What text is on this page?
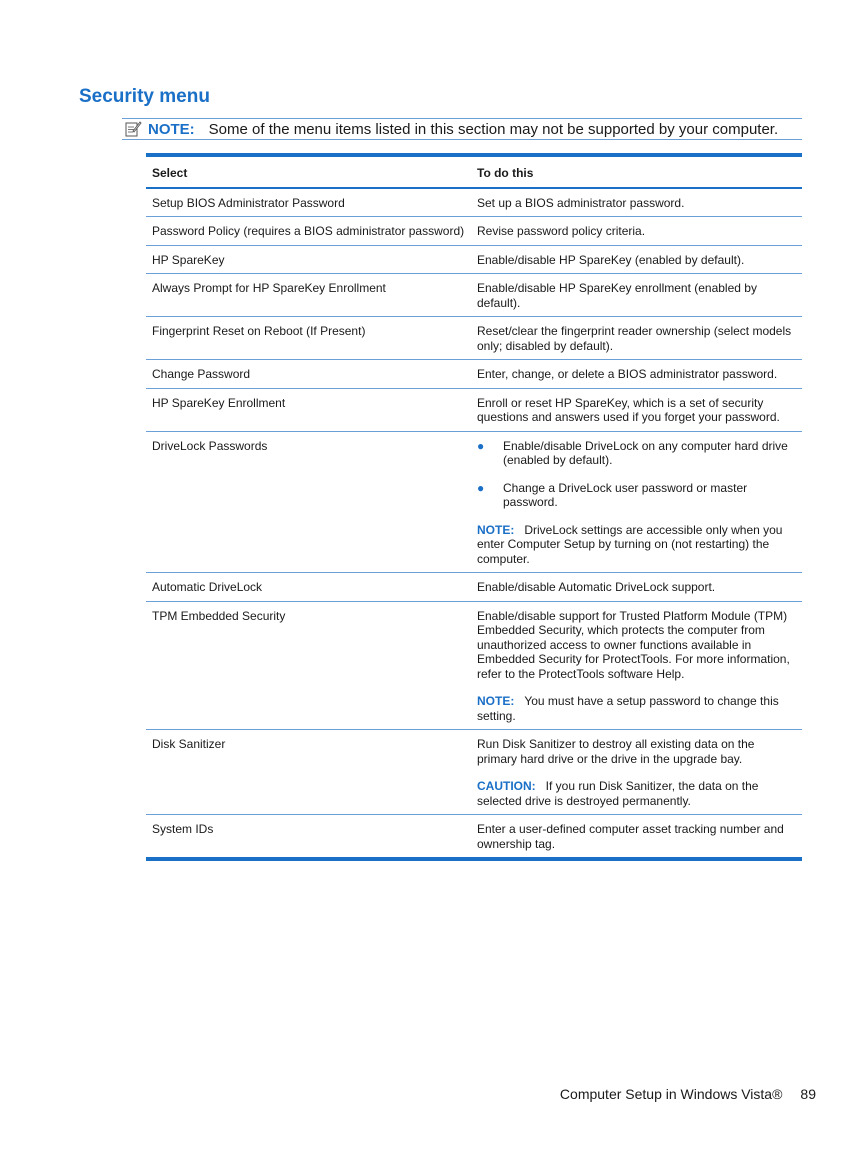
Security menu
NOTE: Some of the menu items listed in this section may not be supported by your computer.
Select	To do this
Setup BIOS Administrator Password	Set up a BIOS administrator password.

Password Policy (requires a BIOS administrator password)	Revise password policy criteria.

HP SpareKey	Enable/disable HP SpareKey (enabled by default).

Always Prompt for HP SpareKey Enrollment	Enable/disable HP SpareKey enrollment (enabled by default).

Fingerprint Reset on Reboot (If Present)	Reset/clear the fingerprint reader ownership (select models only; disabled by default).

Change Password	Enter, change, or delete a BIOS administrator password.

HP SpareKey Enrollment	Enroll or reset HP SpareKey, which is a set of security questions and answers used if you forget your password.

DriveLock Passwords	●	Enable/disable DriveLock on any computer hard drive (enabled by default).
●	Change a DriveLock user password or master password.

NOTE: DriveLock settings are accessible only when you enter Computer Setup by turning on (not restarting) the computer.

Automatic DriveLock	Enable/disable Automatic DriveLock support.

TPM Embedded Security	Enable/disable support for Trusted Platform Module (TPM) Embedded Security, which protects the computer from unauthorized access to owner functions available in Embedded Security for ProtectTools. For more information, refer to the ProtectTools software Help.

NOTE: You must have a setup password to change this setting.

Disk Sanitizer	Run Disk Sanitizer to destroy all existing data on the primary hard drive or the drive in the upgrade bay.

CAUTION: If you run Disk Sanitizer, the data on the selected drive is destroyed permanently.

System IDs	Enter a user-defined computer asset tracking number and ownership tag.

Computer Setup in Windows Vista® 89
